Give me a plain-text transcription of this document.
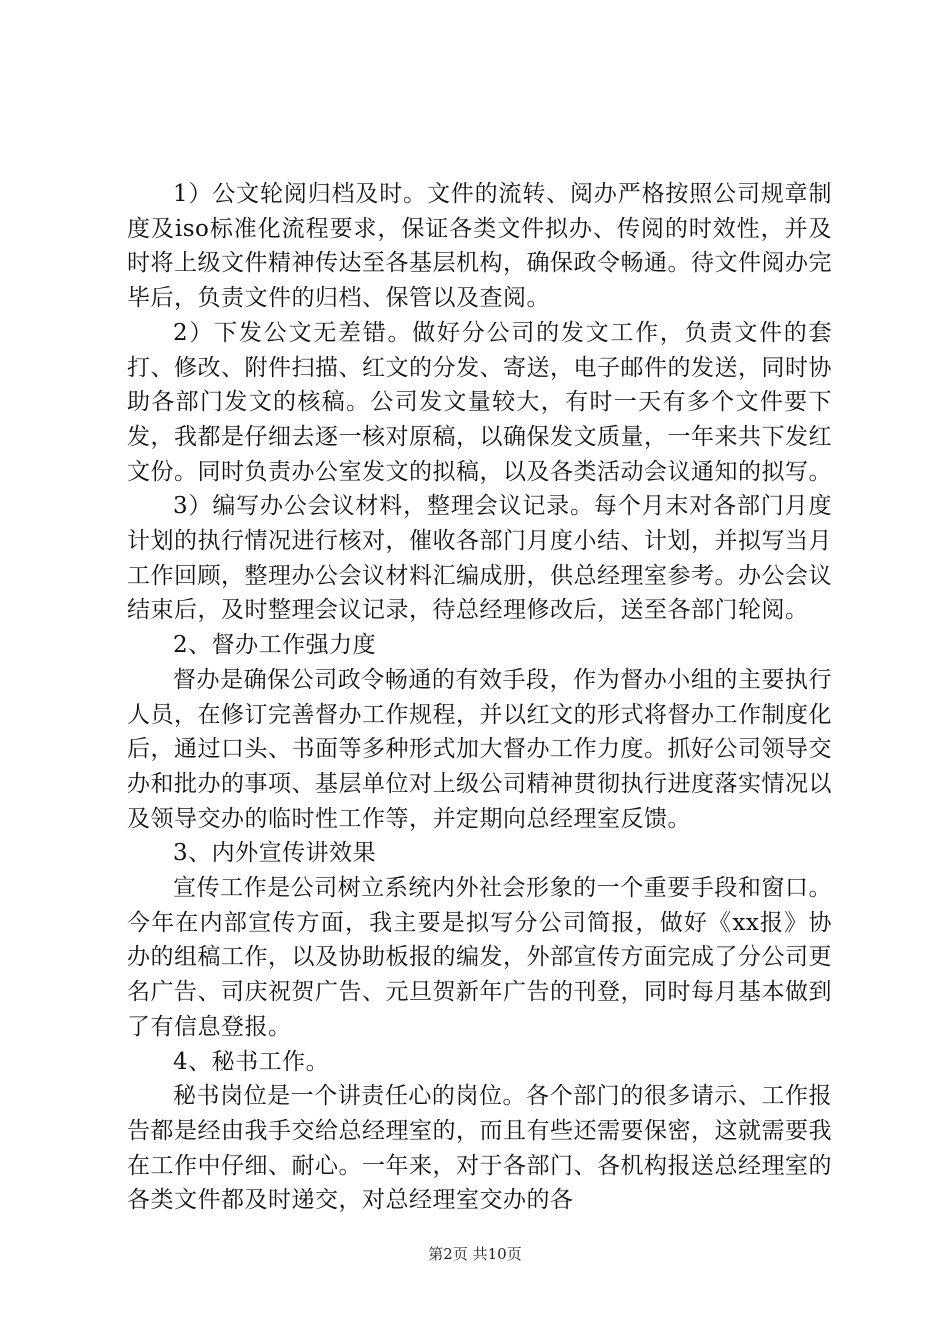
1）公文轮阅归档及时。文件的流转、阅办严格按照公司规章制度及iso标准化流程要求，保证各类文件拟办、传阅的时效性，并及时将上级文件精神传达至各基层机构，确保政令畅通。待文件阅办完毕后，负责文件的归档、保管以及查阅。

2）下发公文无差错。做好分公司的发文工作，负责文件的套打、修改、附件扫描、红文的分发、寄送，电子邮件的发送，同时协助各部门发文的核稿。公司发文量较大，有时一天有多个文件要下发，我都是仔细去逐一核对原稿，以确保发文质量，一年来共下发红文份。同时负责办公室发文的拟稿，以及各类活动会议通知的拟写。

3）编写办公会议材料，整理会议记录。每个月末对各部门月度计划的执行情况进行核对，催收各部门月度小结、计划，并拟写当月工作回顾，整理办公会议材料汇编成册，供总经理室参考。办公会议结束后，及时整理会议记录，待总经理修改后，送至各部门轮阅。

2、督办工作强力度

督办是确保公司政令畅通的有效手段，作为督办小组的主要执行人员，在修订完善督办工作规程，并以红文的形式将督办工作制度化后，通过口头、书面等多种形式加大督办工作力度。抓好公司领导交办和批办的事项、基层单位对上级公司精神贯彻执行进度落实情况以及领导交办的临时性工作等，并定期向总经理室反馈。

3、内外宣传讲效果

宣传工作是公司树立系统内外社会形象的一个重要手段和窗口。今年在内部宣传方面，我主要是拟写分公司简报，做好《xx报》协办的组稿工作，以及协助板报的编发，外部宣传方面完成了分公司更名广告、司庆祝贺广告、元旦贺新年广告的刊登，同时每月基本做到了有信息登报。

4、秘书工作。

秘书岗位是一个讲责任心的岗位。各个部门的很多请示、工作报告都是经由我手交给总经理室的，而且有些还需要保密，这就需要我在工作中仔细、耐心。一年来，对于各部门、各机构报送总经理室的各类文件都及时递交，对总经理室交办的各

第2页 共10页
